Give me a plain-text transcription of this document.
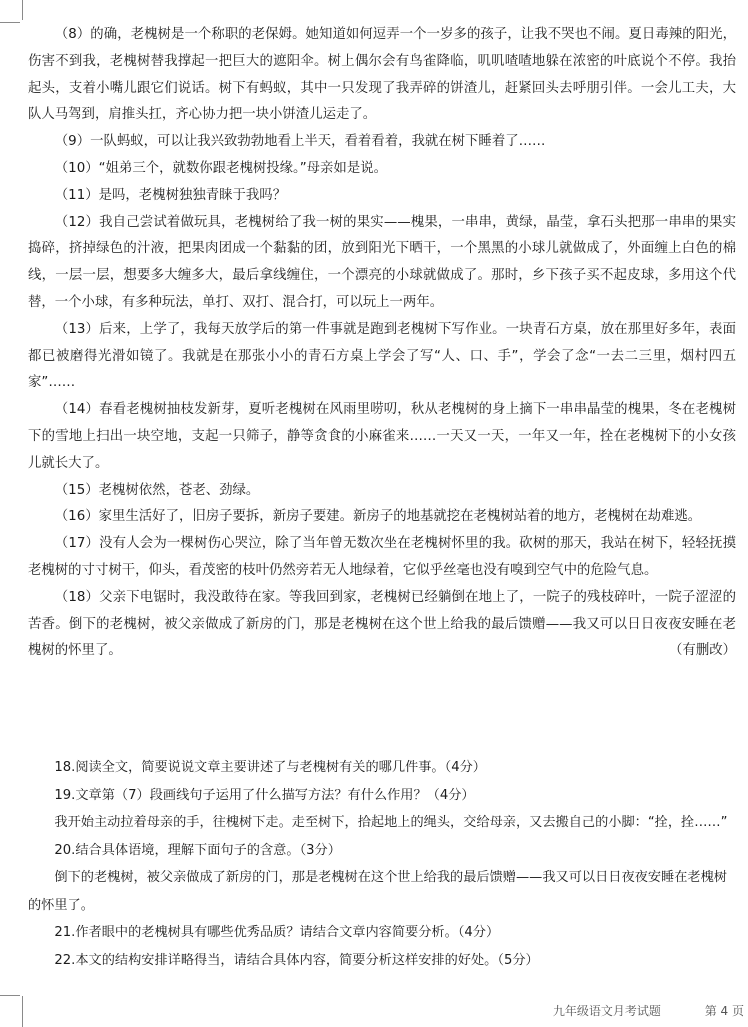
（8）的确，老槐树是一个称职的老保姆。她知道如何逗弄一个一岁多的孩子，让我不哭也不闹。夏日毒辣的阳光，伤害不到我，老槐树替我撑起一把巨大的遮阳伞。树上偶尔会有鸟雀降临，叽叽喳喳地躲在浓密的叶底说个不停。我抬起头，支着小嘴儿跟它们说话。树下有蚂蚁，其中一只发现了我弄碎的饼渣儿，赶紧回头去呼朋引伴。一会儿工夫，大队人马驾到，肩推头扛，齐心协力把一块小饼渣儿运走了。

（9）一队蚂蚁，可以让我兴致勃勃地看上半天，看着看着，我就在树下睡着了……

（10）“姐弟三个，就数你跟老槐树投缘。”母亲如是说。

（11）是吗，老槐树独独青睐于我吗？

（12）我自己尝试着做玩具，老槐树给了我一树的果实——槐果，一串串，黄绿，晶莹，拿石头把那一串串的果实捣碎，挤掉绿色的汁液，把果肉团成一个黏黏的团，放到阳光下晒干，一个黑黑的小球儿就做成了，外面缠上白色的棉线，一层一层，想要多大缠多大，最后拿线缠住，一个漂亮的小球就做成了。那时，乡下孩子买不起皮球，多用这个代替，一个小球，有多种玩法，单打、双打、混合打，可以玩上一两年。

（13）后来，上学了，我每天放学后的第一件事就是跑到老槐树下写作业。一块青石方桌，放在那里好多年，表面都已被磨得光滑如镜了。我就是在那张小小的青石方桌上学会了写“人、口、手”，学会了念“一去二三里，烟村四五家”……

（14）春看老槐树抽枝发新芽，夏听老槐树在风雨里唠叨，秋从老槐树的身上摘下一串串晶莹的槐果，冬在老槐树下的雪地上扫出一块空地，支起一只筛子，静等贪食的小麻雀来……一天又一天，一年又一年，拴在老槐树下的小女孩儿就长大了。

（15）老槐树依然，苍老、劲绿。

（16）家里生活好了，旧房子要拆，新房子要建。新房子的地基就挖在老槐树站着的地方，老槐树在劫难逃。

（17）没有人会为一棵树伤心哭泣，除了当年曾无数次坐在老槐树怀里的我。砍树的那天，我站在树下，轻轻抚摸老槐树的寸寸树干，仰头，看茂密的枝叶仍然旁若无人地绿着，它似乎丝毫也没有嗅到空气中的危险气息。

（18）父亲下电锯时，我没敢待在家。等我回到家，老槐树已经躺倒在地上了，一院子的残枝碎叶，一院子涩涩的苦香。倒下的老槐树，被父亲做成了新房的门，那是老槐树在这个世上给我的最后馈赠——我又可以日日夜夜安睡在老槐树的怀里了。	（有删改）

18.阅读全文，简要说说文章主要讲述了与老槐树有关的哪几件事。（4分）

19.文章第（7）段画线句子运用了什么描写方法？有什么作用？（4分）

我开始主动拉着母亲的手，往槐树下走。走至树下，拾起地上的绳头，交给母亲，又去搬自己的小脚：“拴，拴……”

20.结合具体语境，理解下面句子的含意。（3分）

倒下的老槐树，被父亲做成了新房的门，那是老槐树在这个世上给我的最后馈赠——我又可以日日夜夜安睡在老槐树的怀里了。

21.作者眼中的老槐树具有哪些优秀品质？请结合文章内容简要分析。（4分）

22.本文的结构安排详略得当，请结合具体内容，简要分析这样安排的好处。（5分）

九年级语文月考试题	第 4 页
